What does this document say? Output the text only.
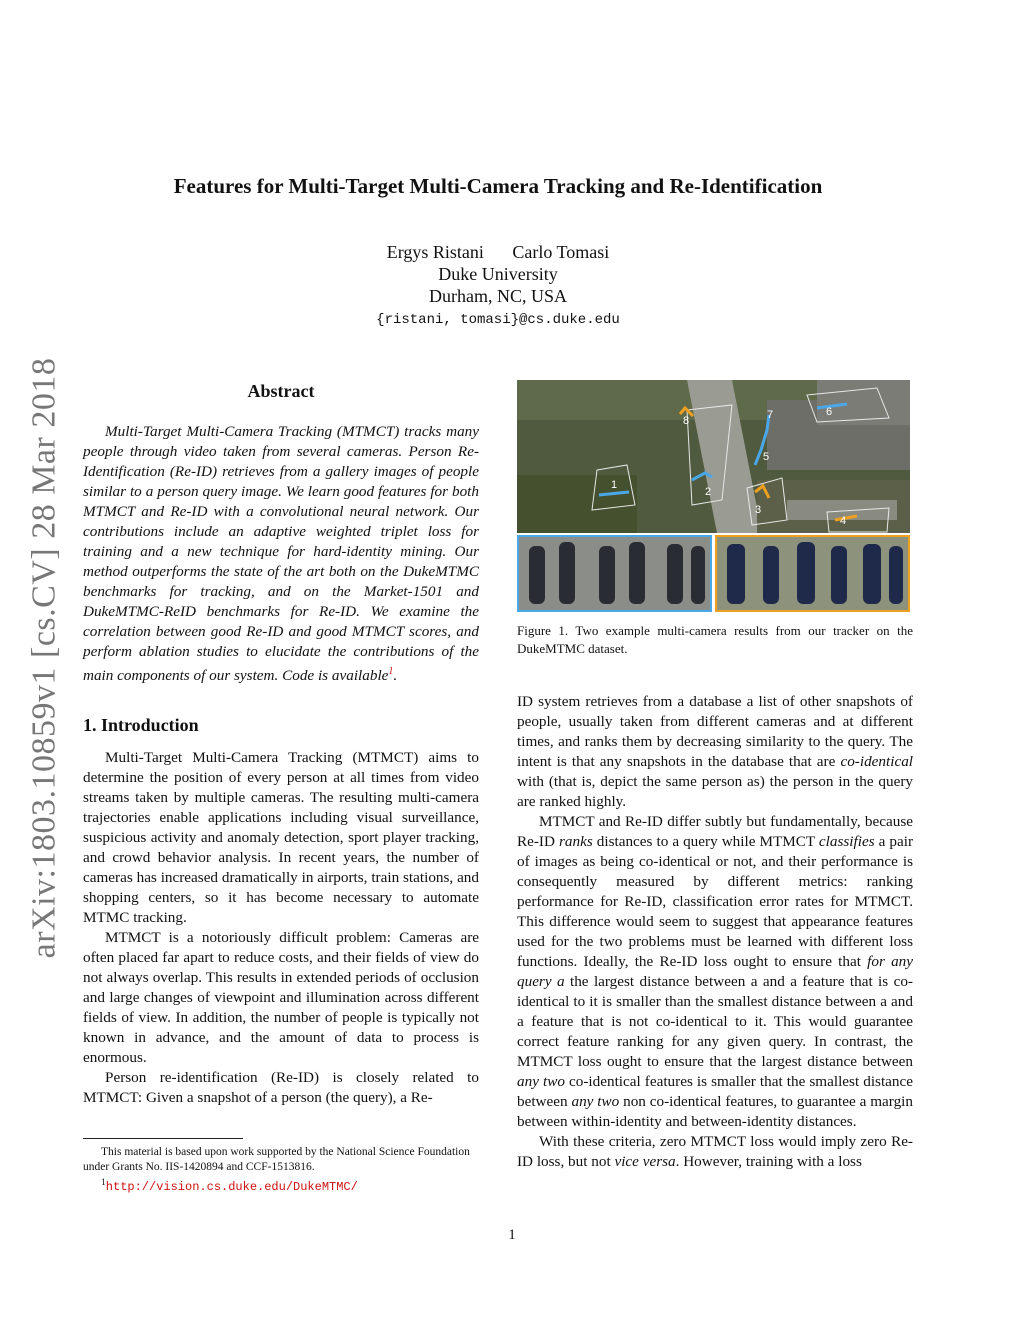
arXiv:1803.10859v1 [cs.CV] 28 Mar 2018
Features for Multi-Target Multi-Camera Tracking and Re-Identification
Ergys Ristani Carlo Tomasi
Duke University
Durham, NC, USA
{ristani, tomasi}@cs.duke.edu
Abstract

Multi-Target Multi-Camera Tracking (MTMCT) tracks many people through video taken from several cameras. Person Re-Identification (Re-ID) retrieves from a gallery images of people similar to a person query image. We learn good features for both MTMCT and Re-ID with a convolutional neural network. Our contributions include an adaptive weighted triplet loss for training and a new technique for hard-identity mining. Our method outperforms the state of the art both on the DukeMTMC benchmarks for tracking, and on the Market-1501 and DukeMTMC-ReID benchmarks for Re-ID. We examine the correlation between good Re-ID and good MTMCT scores, and perform ablation studies to elucidate the contributions of the main components of our system. Code is available$^1$.

1. Introduction

Multi-Target Multi-Camera Tracking (MTMCT) aims to determine the position of every person at all times from video streams taken by multiple cameras. The resulting multi-camera trajectories enable applications including visual surveillance, suspicious activity and anomaly detection, sport player tracking, and crowd behavior analysis. In recent years, the number of cameras has increased dramatically in airports, train stations, and shopping centers, so it has become necessary to automate MTMC tracking.

MTMCT is a notoriously difficult problem: Cameras are often placed far apart to reduce costs, and their fields of view do not always overlap. This results in extended periods of occlusion and large changes of viewpoint and illumination across different fields of view. In addition, the number of people is typically not known in advance, and the amount of data to process is enormous.

Person re-identification (Re-ID) is closely related to MTMCT: Given a snapshot of a person (the query), a Re-

This material is based upon work supported by the National Science Foundation under Grants No. IIS-1420894 and CCF-1513816.
$^1$http://vision.cs.duke.edu/DukeMTMC/
1
2
3
4
5
6
7
8
Figure 1. Two example multi-camera results from our tracker on the DukeMTMC dataset.

ID system retrieves from a database a list of other snapshots of people, usually taken from different cameras and at different times, and ranks them by decreasing similarity to the query. The intent is that any snapshots in the database that are co-identical with (that is, depict the same person as) the person in the query are ranked highly.

MTMCT and Re-ID differ subtly but fundamentally, because Re-ID ranks distances to a query while MTMCT classifies a pair of images as being co-identical or not, and their performance is consequently measured by different metrics: ranking performance for Re-ID, classification error rates for MTMCT. This difference would seem to suggest that appearance features used for the two problems must be learned with different loss functions. Ideally, the Re-ID loss ought to ensure that for any query a the largest distance between a and a feature that is co-identical to it is smaller than the smallest distance between a and a feature that is not co-identical to it. This would guarantee correct feature ranking for any given query. In contrast, the MTMCT loss ought to ensure that the largest distance between any two co-identical features is smaller that the smallest distance between any two non co-identical features, to guarantee a margin between within-identity and between-identity distances.

With these criteria, zero MTMCT loss would imply zero Re-ID loss, but not vice versa. However, training with a loss

1
